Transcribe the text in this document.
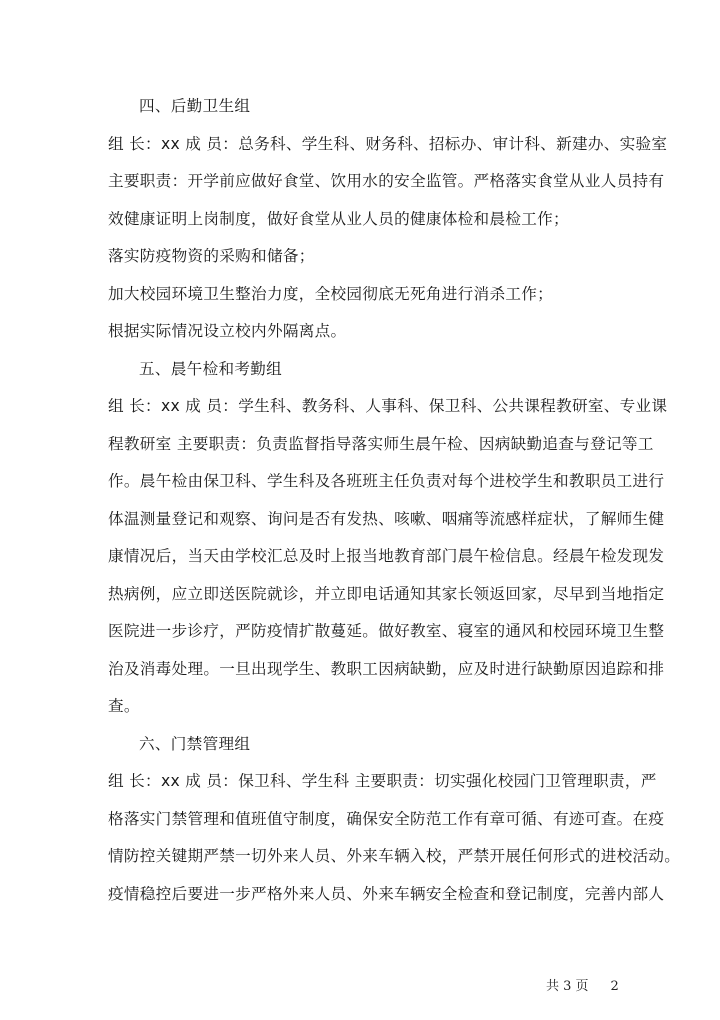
四、后勤卫生组
组 长：xx 成 员：总务科、学生科、财务科、招标办、审计科、新建办、实验室
主要职责：开学前应做好食堂、饮用水的安全监管。严格落实食堂从业人员持有
效健康证明上岗制度，做好食堂从业人员的健康体检和晨检工作；
落实防疫物资的采购和储备；
加大校园环境卫生整治力度，全校园彻底无死角进行消杀工作；
根据实际情况设立校内外隔离点。
五、晨午检和考勤组
组 长：xx 成 员：学生科、教务科、人事科、保卫科、公共课程教研室、专业课
程教研室 主要职责：负责监督指导落实师生晨午检、因病缺勤追查与登记等工
作。晨午检由保卫科、学生科及各班班主任负责对每个进校学生和教职员工进行
体温测量登记和观察、询问是否有发热、咳嗽、咽痛等流感样症状，了解师生健
康情况后，当天由学校汇总及时上报当地教育部门晨午检信息。经晨午检发现发
热病例，应立即送医院就诊，并立即电话通知其家长领返回家，尽早到当地指定
医院进一步诊疗，严防疫情扩散蔓延。做好教室、寝室的通风和校园环境卫生整
治及消毒处理。一旦出现学生、教职工因病缺勤，应及时进行缺勤原因追踪和排
查。
六、门禁管理组
组 长：xx 成 员：保卫科、学生科 主要职责：切实强化校园门卫管理职责，严
格落实门禁管理和值班值守制度，确保安全防范工作有章可循、有迹可查。在疫
情防控关键期严禁一切外来人员、外来车辆入校，严禁开展任何形式的进校活动。
疫情稳控后要进一步严格外来人员、外来车辆安全检查和登记制度，完善内部人
共 3 页 2
